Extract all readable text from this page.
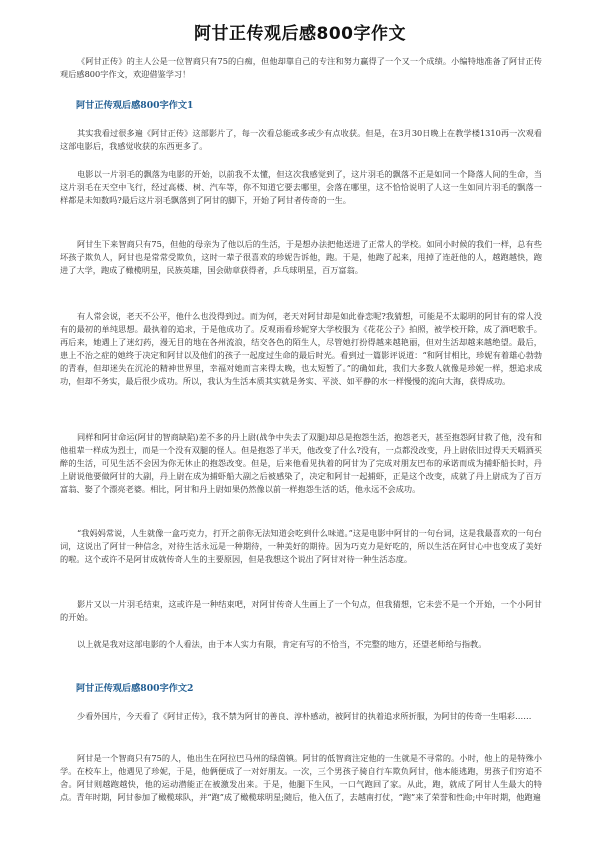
阿甘正传观后感800字作文

《阿甘正传》的主人公是一位智商只有75的白痴，但他却靠自己的专注和努力赢得了一个又一个成绩。小编特地准备了阿甘正传观后感800字作文，欢迎借鉴学习！

阿甘正传观后感800字作文1

其实我看过很多遍《阿甘正传》这部影片了，每一次看总能或多或少有点收获。但是，在3月30日晚上在教学楼1310再一次观看这部电影后，我感觉收获的东西更多了。

电影以一片羽毛的飘落为电影的开始，以前我不太懂，但这次我感觉到了，这片羽毛的飘落不正是如同一个降落人间的生命，当这片羽毛在天空中飞行，经过高楼、树、汽车等，你不知道它要去哪里，会落在哪里，这不恰恰说明了人这一生如同片羽毛的飘落一样都是未知数吗?最后这片羽毛飘落到了阿甘的脚下，开始了阿甘者传奇的一生。

阿甘生下来智商只有75，但他的母亲为了他以后的生活，于是想办法把他送进了正常人的学校。如同小时候的我们一样，总有些坏孩子欺负人，阿甘也是常常受欺负，这时一辈子很喜欢的珍妮告诉他，跑。于是，他跑了起来，甩掉了连赶他的人，越跑越快，跑进了大学，跑成了橄榄明星，民族英雄，国会勋章获得者，乒乓球明星，百万富翁。

有人常会说，老天不公平，他什么也没得到过。而为何，老天对阿甘却是如此眷恋呢?我猜想，可能是不太聪明的阿甘有的常人没有的最初的单纯思想。最执着的追求，于是他成功了。反观雨看珍妮穿大学校服为《花花公子》拍照，被学校开除，成了酒吧歌手。再后来，她遇上了迷幻药，漫无目的地在各州流浪，结交各色的陌生人，尽管她打扮得越来越艳丽，但对生活却越来越绝望。最后，患上不治之症的她终于决定和阿甘以及他们的孩子一起度过生命的最后时光。看到过一篇影评说道：“和阿甘相比，珍妮有着雄心勃勃的青春，但却迷失在沉沦的精神世界里，幸福对她而言来得太晚，也太短暂了。”的确如此，我们大多数人就像是珍妮一样，想追求成功，但却不务实，最后很少成功。所以，我认为生活本质其实就是务实、平淡、如平静的水一样慢慢的流向大海，获得成功。

同样和阿甘命运(阿甘的智商缺陷)差不多的丹上尉(战争中失去了双腿)却总是抱怨生活，抱怨老天，甚至抱怨阿甘救了他，没有和他祖辈一样成为烈士，而是一个没有双腿的怪人。但是抱怨了半天，他改变了什么?没有，一点都没改变，丹上尉依旧过得天天嗝酒买醉的生活，可见生活不会因为你无休止的抱怨改变。但是，后来他看见执着的阿甘为了完成对朋友巴布的承诺而成为捕虾船长时，丹上尉说他要做阿甘的大副，丹上尉在成为捕虾船大副之后被感染了，决定和阿甘一起捕虾，正是这个改变，成就了丹上尉成为了百万富翁、娶了个漂亮老婆。相比，阿甘和丹上尉如果仍然像以前一样抱怨生活的话，他永远不会成功。

“我妈妈常说，人生就像一盒巧克力，打开之前你无法知道会吃到什么味道。”这是电影中阿甘的一句台词，这是我最喜欢的一句台词，这说出了阿甘一种信念，对待生活永远是一种期待，一种美好的期待。因为巧克力是好吃的，所以生活在阿甘心中也变成了美好的啦。这个或许不是阿甘成就传奇人生的主要原因，但是我想这个说出了阿甘对待一种生活态度。

影片又以一片羽毛结束，这或许是一种结束吧，对阿甘传奇人生画上了一个句点，但我猜想，它未尝不是一个开始，一个小阿甘的开始。

以上就是我对这部电影的个人看法，由于本人实力有限，肯定有写的不恰当，不完整的地方，还望老师给与指教。

阿甘正传观后感800字作文2

少看外国片，今天看了《阿甘正传》，我不禁为阿甘的善良、淳朴感动，被阿甘的执着追求所折服，为阿甘的传奇一生唱彩……

阿甘是一个智商只有75的人，他出生在阿拉巴马州的绿茵镇。阿甘的低智商注定他的一生就是不寻常的。小时，他上的是特殊小学。在校车上，他遇见了珍妮，于是，他俩便成了一对好朋友。一次，三个男孩子骑自行车欺负阿甘，他本能逃跑，男孩子们穷追不舍。阿甘则越跑越快，他的运动潜能正在被激发出来。于是，他腿下生风，一口气跑回了家。从此，跑，就成了阿甘人生最大的特点。青年时期，阿甘参加了橄榄球队，并“跑”成了橄榄球明星;随后，他入伍了，去越南打仗，“跑”来了荣誉和性命;中年时期，他跑遍
